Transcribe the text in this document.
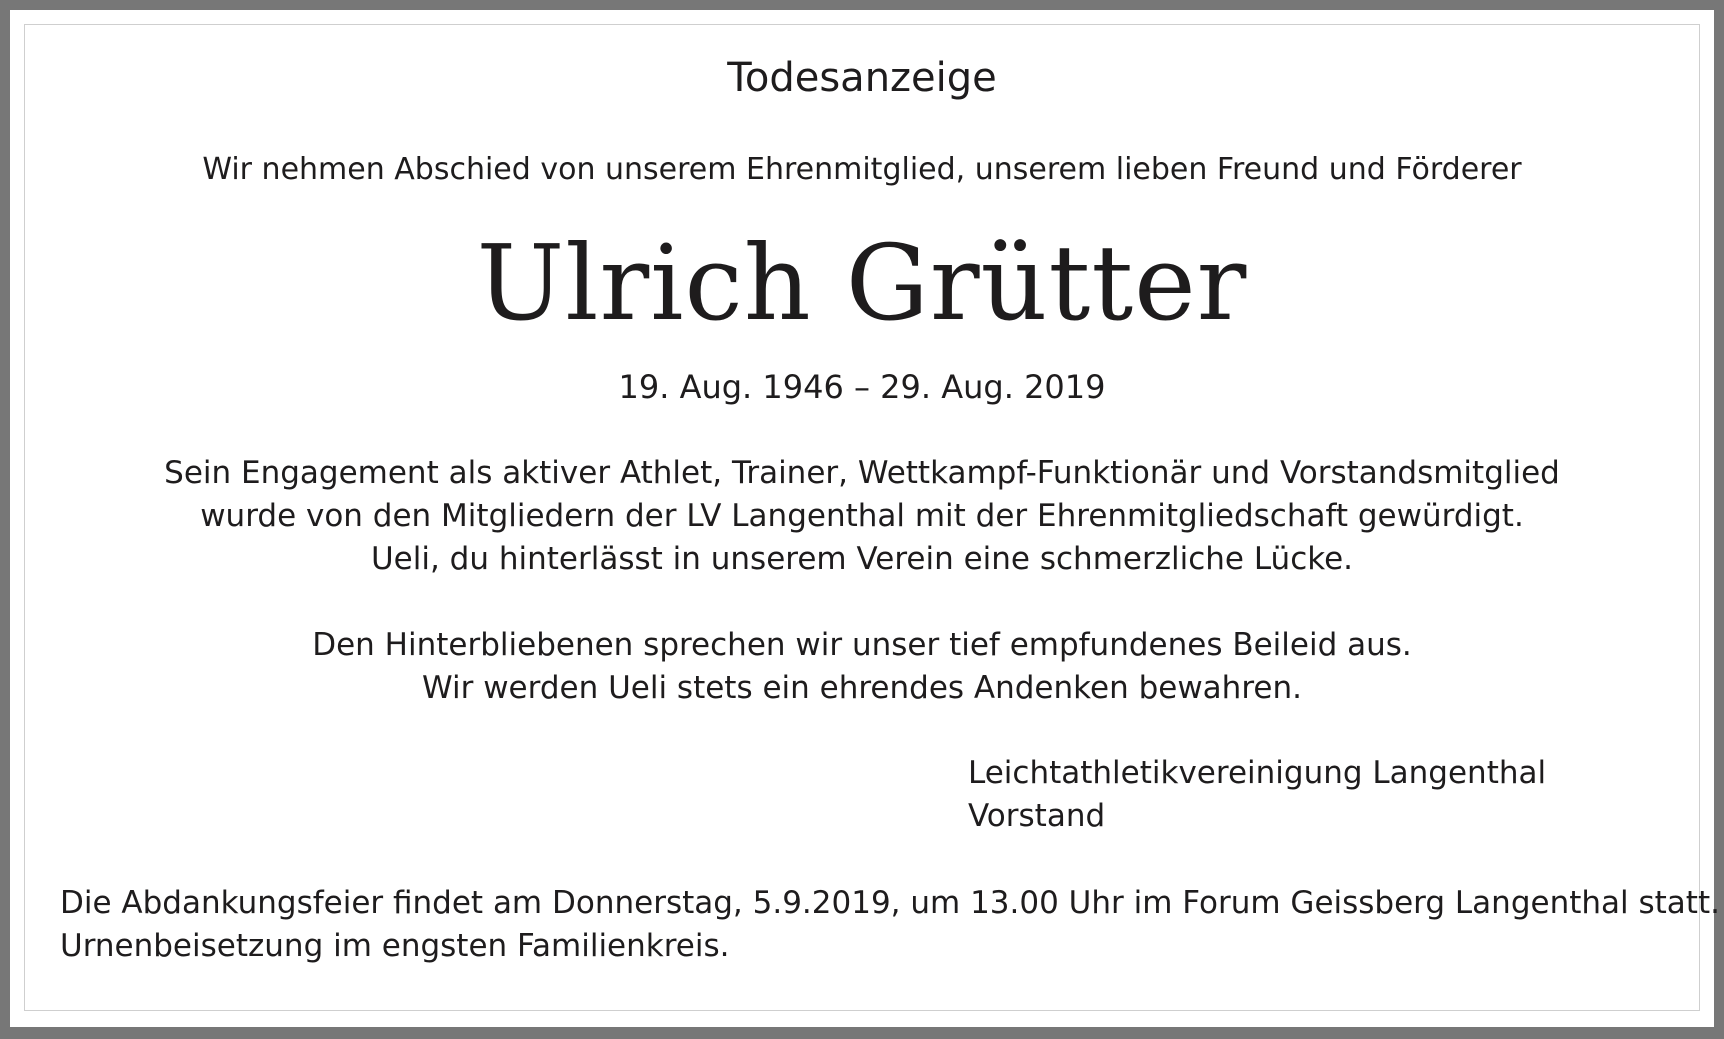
Todesanzeige
Wir nehmen Abschied von unserem Ehrenmitglied, unserem lieben Freund und Förderer
Ulrich Grütter
19. Aug. 1946 – 29. Aug. 2019
Sein Engagement als aktiver Athlet, Trainer, Wettkampf-Funktionär und Vorstandsmitglied
wurde von den Mitgliedern der LV Langenthal mit der Ehrenmitgliedschaft gewürdigt.
Ueli, du hinterlässt in unserem Verein eine schmerzliche Lücke.
Den Hinterbliebenen sprechen wir unser tief empfundenes Beileid aus.
Wir werden Ueli stets ein ehrendes Andenken bewahren.
Leichtathletikvereinigung Langenthal
Vorstand
Die Abdankungsfeier findet am Donnerstag, 5.9.2019, um 13.00 Uhr im Forum Geissberg Langenthal statt.
Urnenbeisetzung im engsten Familienkreis.
